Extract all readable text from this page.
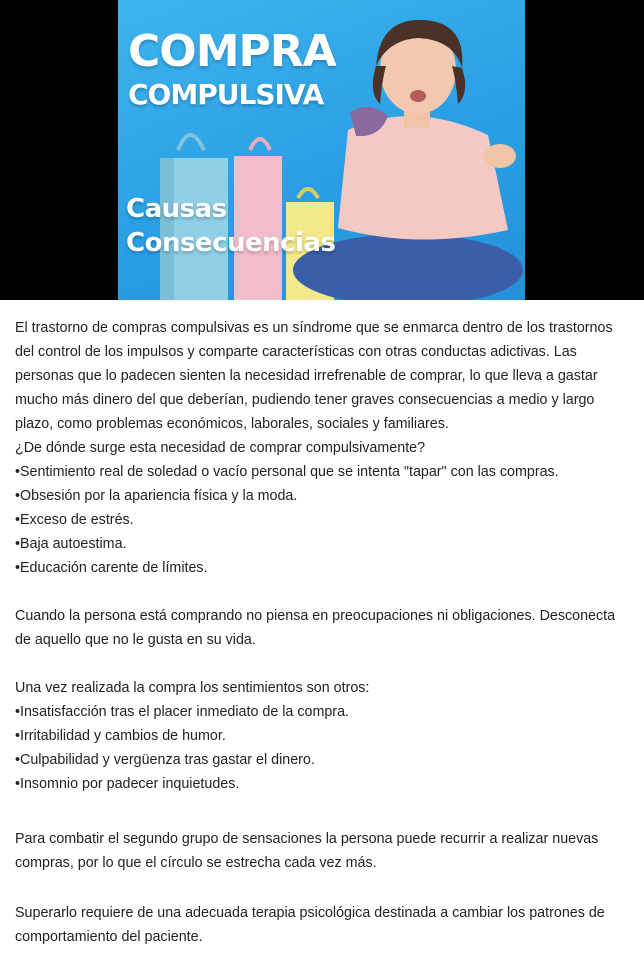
COMPRA
COMPULSIVA

Causas

Consecuencias

El trastorno de compras compulsivas es un síndrome que se enmarca dentro de los trastornos del control de los impulsos y comparte características con otras conductas adictivas. Las personas que lo padecen sienten la necesidad irrefrenable de comprar, lo que lleva a gastar mucho más dinero del que deberían, pudiendo tener graves consecuencias a medio y largo plazo, como problemas económicos, laborales, sociales y familiares.

¿De dónde surge esta necesidad de comprar compulsivamente?

•Sentimiento real de soledad o vacío personal que se intenta "tapar" con las compras.

•Obsesión por la apariencia física y la moda.

•Exceso de estrés.

•Baja autoestima.

•Educación carente de límites.

Cuando la persona está comprando no piensa en preocupaciones ni obligaciones. Desconecta de aquello que no le gusta en su vida.

Una vez realizada la compra los sentimientos son otros:

•Insatisfacción tras el placer inmediato de la compra.

•Irritabilidad y cambios de humor.

•Culpabilidad y vergüenza tras gastar el dinero.

•Insomnio por padecer inquietudes.

Para combatir el segundo grupo de sensaciones la persona puede recurrir a realizar nuevas compras, por lo que el círculo se estrecha cada vez más.

Superarlo requiere de una adecuada terapia psicológica destinada a cambiar los patrones de comportamiento del paciente.
